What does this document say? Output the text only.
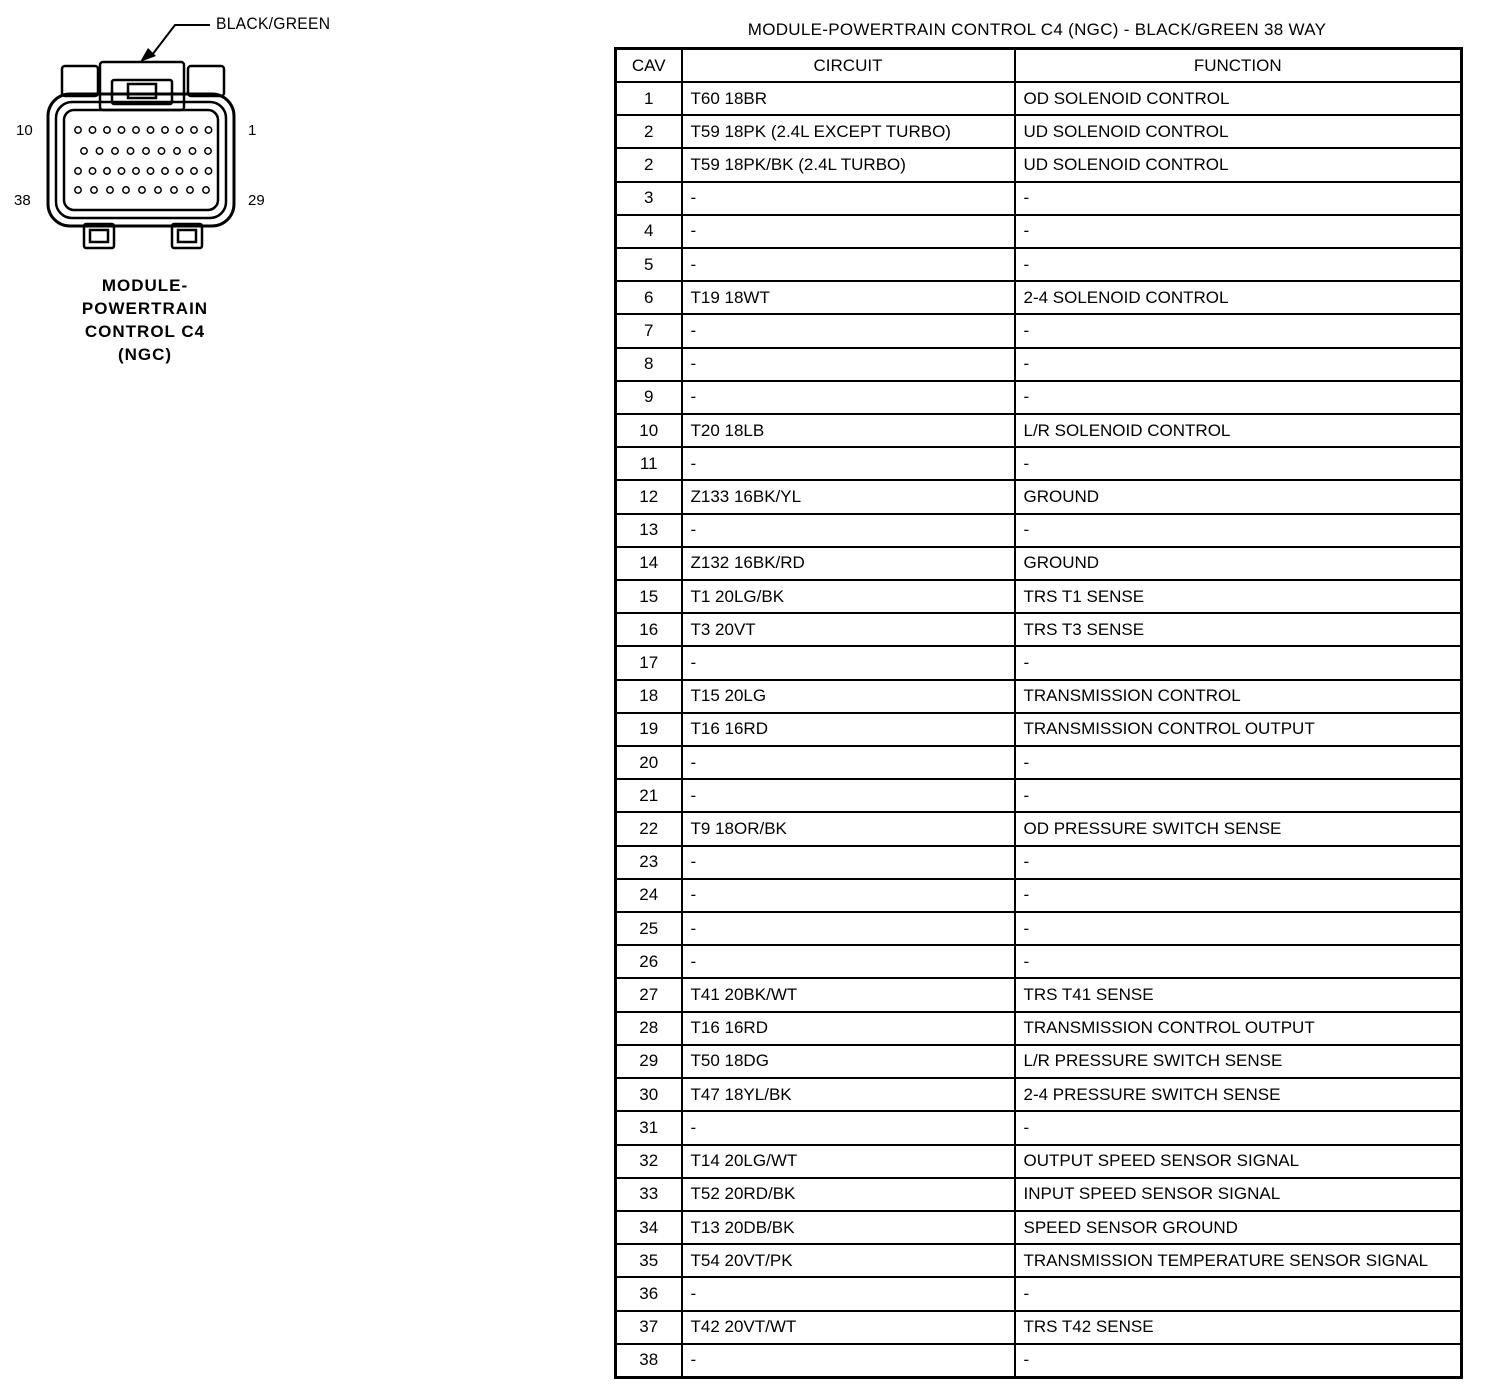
BLACK/GREEN
10	1
38	29
MODULE-
POWERTRAIN
CONTROL C4
(NGC)
MODULE-POWERTRAIN CONTROL C4 (NGC) - BLACK/GREEN 38 WAY
CAV	CIRCUIT	FUNCTION
1	T60 18BR	OD SOLENOID CONTROL
2	T59 18PK (2.4L EXCEPT TURBO)	UD SOLENOID CONTROL
2	T59 18PK/BK (2.4L TURBO)	UD SOLENOID CONTROL
3	-	-
4	-	-
5	-	-
6	T19 18WT	2-4 SOLENOID CONTROL
7	-	-
8	-	-
9	-	-
10	T20 18LB	L/R SOLENOID CONTROL
11	-	-
12	Z133 16BK/YL	GROUND
13	-	-
14	Z132 16BK/RD	GROUND
15	T1 20LG/BK	TRS T1 SENSE
16	T3 20VT	TRS T3 SENSE
17	-	-
18	T15 20LG	TRANSMISSION CONTROL
19	T16 16RD	TRANSMISSION CONTROL OUTPUT
20	-	-
21	-	-
22	T9 18OR/BK	OD PRESSURE SWITCH SENSE
23	-	-
24	-	-
25	-	-
26	-	-
27	T41 20BK/WT	TRS T41 SENSE
28	T16 16RD	TRANSMISSION CONTROL OUTPUT
29	T50 18DG	L/R PRESSURE SWITCH SENSE
30	T47 18YL/BK	2-4 PRESSURE SWITCH SENSE
31	-	-
32	T14 20LG/WT	OUTPUT SPEED SENSOR SIGNAL
33	T52 20RD/BK	INPUT SPEED SENSOR SIGNAL
34	T13 20DB/BK	SPEED SENSOR GROUND
35	T54 20VT/PK	TRANSMISSION TEMPERATURE SENSOR SIGNAL
36	-	-
37	T42 20VT/WT	TRS T42 SENSE
38	-	-
